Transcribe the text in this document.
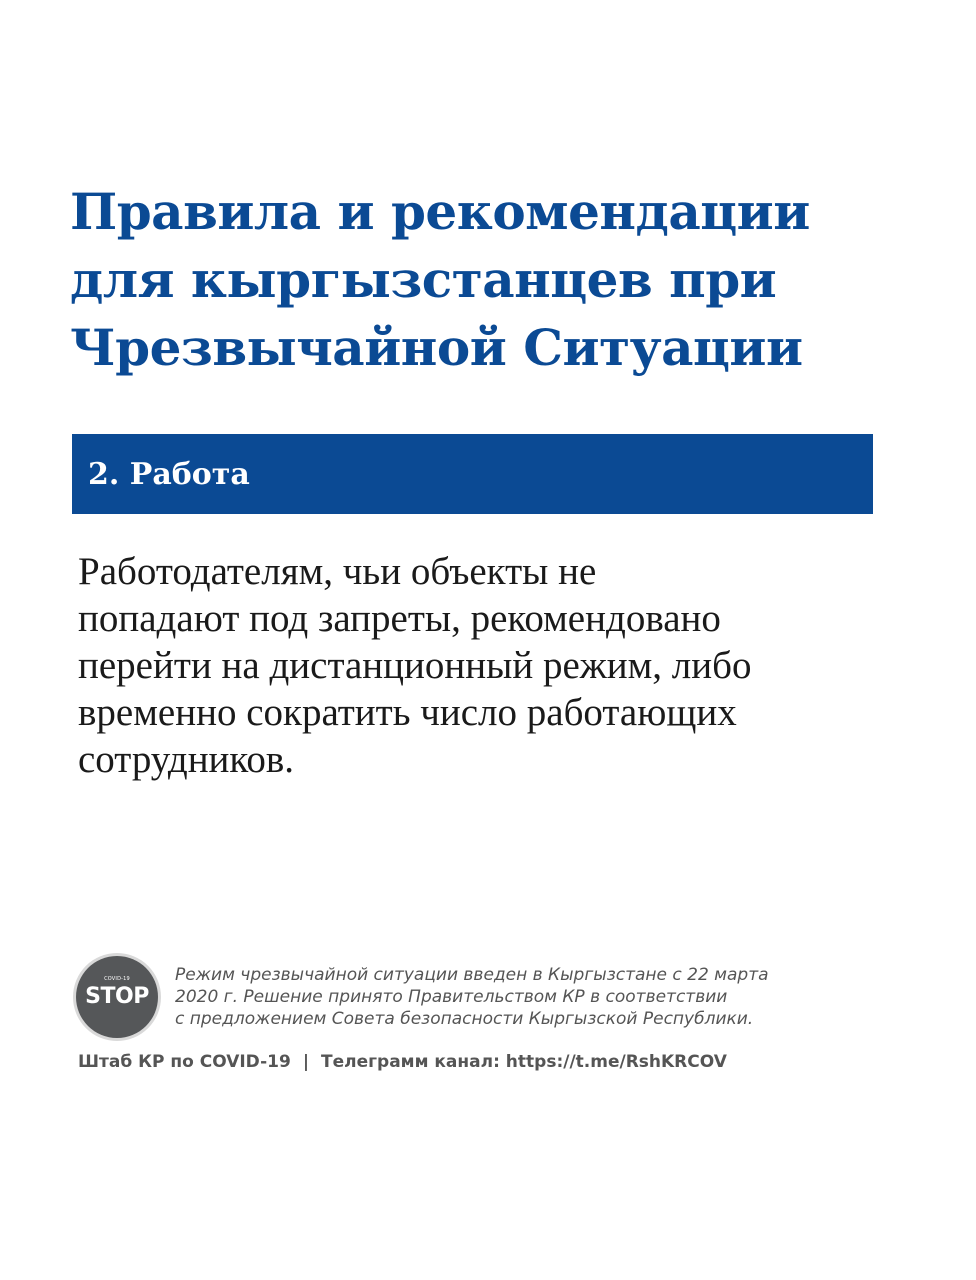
Правила и рекомендации
для кыргызстанцев при
Чрезвычайной Ситуации
2. Работа
Работодателям, чьи объекты не
попадают под запреты, рекомендовано
перейти на дистанционный режим, либо
временно сократить число работающих
сотрудников.
COVID-19
STOP
Режим чрезвычайной ситуации введен в Кыргызстане с 22 марта
2020 г. Решение принято Правительством КР в соответствии
с предложением Совета безопасности Кыргызской Республики.
Штаб КР по COVID-19 | Телеграмм канал: https://t.me/RshKRCOV
